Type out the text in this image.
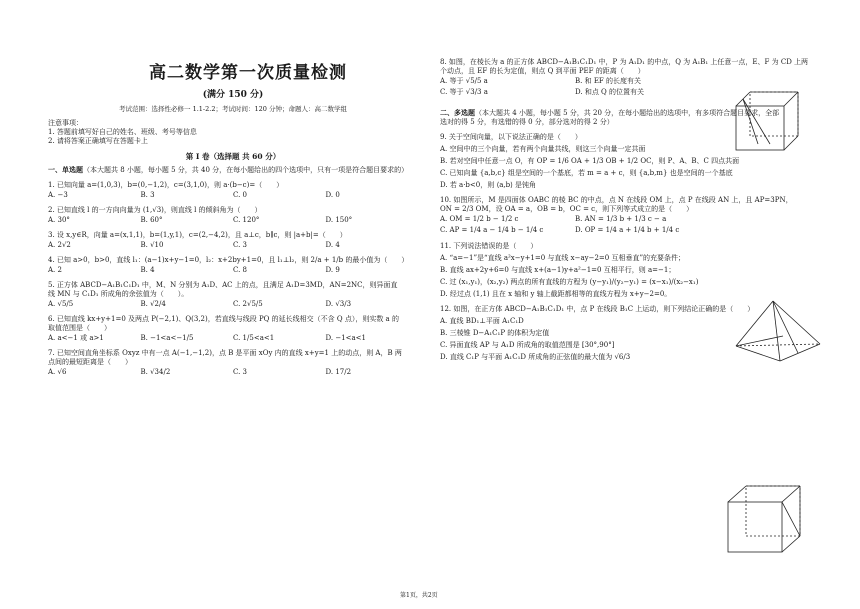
高二数学第一次质量检测
(满分 150 分)
考试范围：选择性必修一 1.1-2.2；考试时间：120 分钟；命题人：高二数学组
注意事项：
1. 答题前填写好自己的姓名、班级、考号等信息
2. 请将答案正确填写在答题卡上
第 I 卷（选择题 共 60 分）
一、单选题（本大题共 8 小题，每小题 5 分，共 40 分，在每小题给出的四个选项中，只有一项是符合题目要求的）
1. 已知向量 a=(1,0,3)，b=(0,−1,2)，c=(3,1,0)，则 a·(b−c)=（　　）
A. −3	B. 3	C. 0	D. 0
2. 已知直线 l 的一方向向量为 (1,√3)，则直线 l 的倾斜角为（　　）
A. 30°	B. 60°	C. 120°	D. 150°
3. 设 x,y∈R，向量 a=(x,1,1)，b=(1,y,1)，c=(2,−4,2)，且 a⊥c，b∥c，则 |a+b|=（　　）
A. 2√2	B. √10	C. 3	D. 4
4. 已知 a>0，b>0，直线 l₁：(a−1)x+y−1=0，l₂：x+2by+1=0，且 l₁⊥l₂，则 2/a + 1/b 的最小值为（　　）
A. 2	B. 4	C. 8	D. 9
5. 正方体 ABCD−A₁B₁C₁D₁ 中，M、N 分别为 A₁D、AC 上的点，且满足 A₁D=3MD，AN=2NC，则异面直
线 MN 与 C₁D₁ 所成角的余弦值为（　　）。
A. √5/5	B. √2/4	C. 2√5/5	D. √3/3
6. 已知直线 kx+y+1=0 及两点 P(−2,1)、Q(3,2)，若直线与线段 PQ 的延长线相交（不含 Q 点），则实数 a 的
取值范围是（　　）
A. a<−1 或 a>1	B. −1<a<−1/5	C. 1/5<a<1	D. −1<a<1
7. 已知空间直角坐标系 Oxyz 中有一点 A(−1,−1,2)，点 B 是平面 xOy 内的直线 x+y=1 上的动点，则 A，B 两
点间的最短距离是（　　）
A. √6	B. √34/2	C. 3	D. 17/2
8. 如图，在棱长为 a 的正方体 ABCD−A₁B₁C₁D₁ 中，P 为 A₁D₁ 的中点，Q 为 A₁B₁ 上任意一点，E、F 为 CD 上两
个动点，且 EF 的长为定值，则点 Q 到平面 PEF 的距离（　　）
A. 等于 √5/5 a	B. 和 EF 的长度有关
C. 等于 √3/3 a	D. 和点 Q 的位置有关
二、多选题（本大题共 4 小题，每小题 5 分，共 20 分，在每小题给出的选项中，有多项符合题目要求，全部
选对的得 5 分，有选错的得 0 分，部分选对的得 2 分）
9. 关于空间向量，以下说法正确的是（　　）
A. 空间中的三个向量，若有两个向量共线，则这三个向量一定共面
B. 若对空间中任意一点 O，有 OP = 1/6 OA + 1/3 OB + 1/2 OC，则 P、A、B、C 四点共面
C. 已知向量 {a,b,c} 组是空间的一个基底，若 m = a + c，则 {a,b,m} 也是空间的一个基底
D. 若 a·b<0，则 ⟨a,b⟩ 是钝角
10. 如图所示，M 是四面体 OABC 的棱 BC 的中点，点 N 在线段 OM 上，点 P 在线段 AN 上，且 AP=3PN，
ON = 2/3 OM，设 OA = a，OB = b，OC = c，则下列等式成立的是（　　）
A. OM = 1/2 b − 1/2 c	B. AN = 1/3 b + 1/3 c − a
C. AP = 1/4 a − 1/4 b − 1/4 c	D. OP = 1/4 a + 1/4 b + 1/4 c
11. 下列说法错误的是（　　）
A. “a=−1”是“直线 a²x−y+1=0 与直线 x−ay−2=0 互相垂直”的充要条件；
B. 直线 ax+2y+6=0 与直线 x+(a−1)y+a²−1=0 互相平行，则 a=−1；
C. 过 (x₁,y₁)，(x₂,y₂) 两点的所有直线的方程为 (y−y₁)/(y₂−y₁) = (x−x₁)/(x₂−x₁)
D. 经过点 (1,1) 且在 x 轴和 y 轴上截距都相等的直线方程为 x+y−2=0。
12. 如图，在正方体 ABCD−A₁B₁C₁D₁ 中，点 P 在线段 B₁C 上运动，则下列结论正确的是（　　）
A. 直线 BD₁⊥平面 A₁C₁D
B. 三棱锥 D−A₁C₁P 的体积为定值
C. 异面直线 AP 与 A₁D 所成角的取值范围是 [30°,90°]
D. 直线 C₁P 与平面 A₁C₁D 所成角的正弦值的最大值为 √6/3
第1页，共2页
